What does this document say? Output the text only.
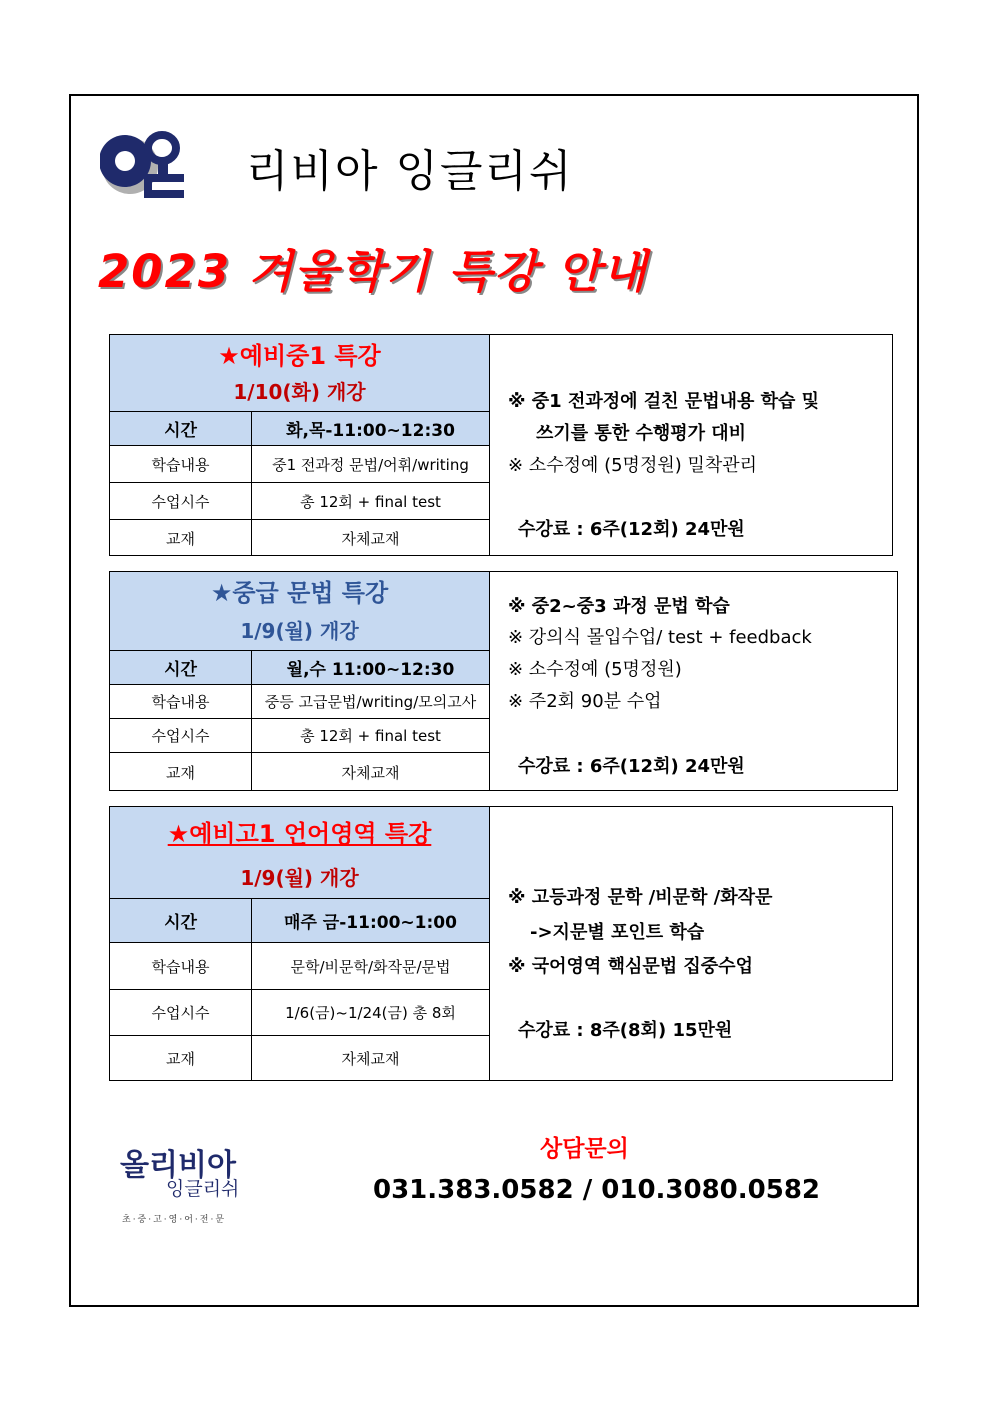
리비아 잉글리쉬
2023 겨울학기 특강 안내
★예비중1 특강
1/10(화) 개강
시간	화,목-11:00~12:30
학습내용	중1 전과정 문법/어휘/writing
수업시수	총 12회 + final test
교재	자체교재
※ 중1 전과정에 걸친 문법내용 학습 및
쓰기를 통한 수행평가 대비
※ 소수정예 (5명정원) 밀착관리
수강료 : 6주(12회) 24만원
★중급 문법 특강
1/9(월) 개강
시간	월,수 11:00~12:30
학습내용	중등 고급문법/writing/모의고사
수업시수	총 12회 + final test
교재	자체교재
※ 중2~중3 과정 문법 학습
※ 강의식 몰입수업/ test + feedback
※ 소수정예 (5명정원)
※ 주2회 90분 수업
수강료 : 6주(12회) 24만원
★예비고1 언어영역 특강
1/9(월) 개강
시간	매주 금-11:00~1:00
학습내용	문학/비문학/화작문/문법
수업시수	1/6(금)~1/24(금) 총 8회
교재	자체교재
※ 고등과정 문학 /비문학 /화작문
->지문별 포인트 학습
※ 국어영역 핵심문법 집중수업
수강료 : 8주(8회) 15만원
올리비아
잉글리쉬
초·중·고·영·어·전·문
상담문의
031.383.0582 / 010.3080.0582
